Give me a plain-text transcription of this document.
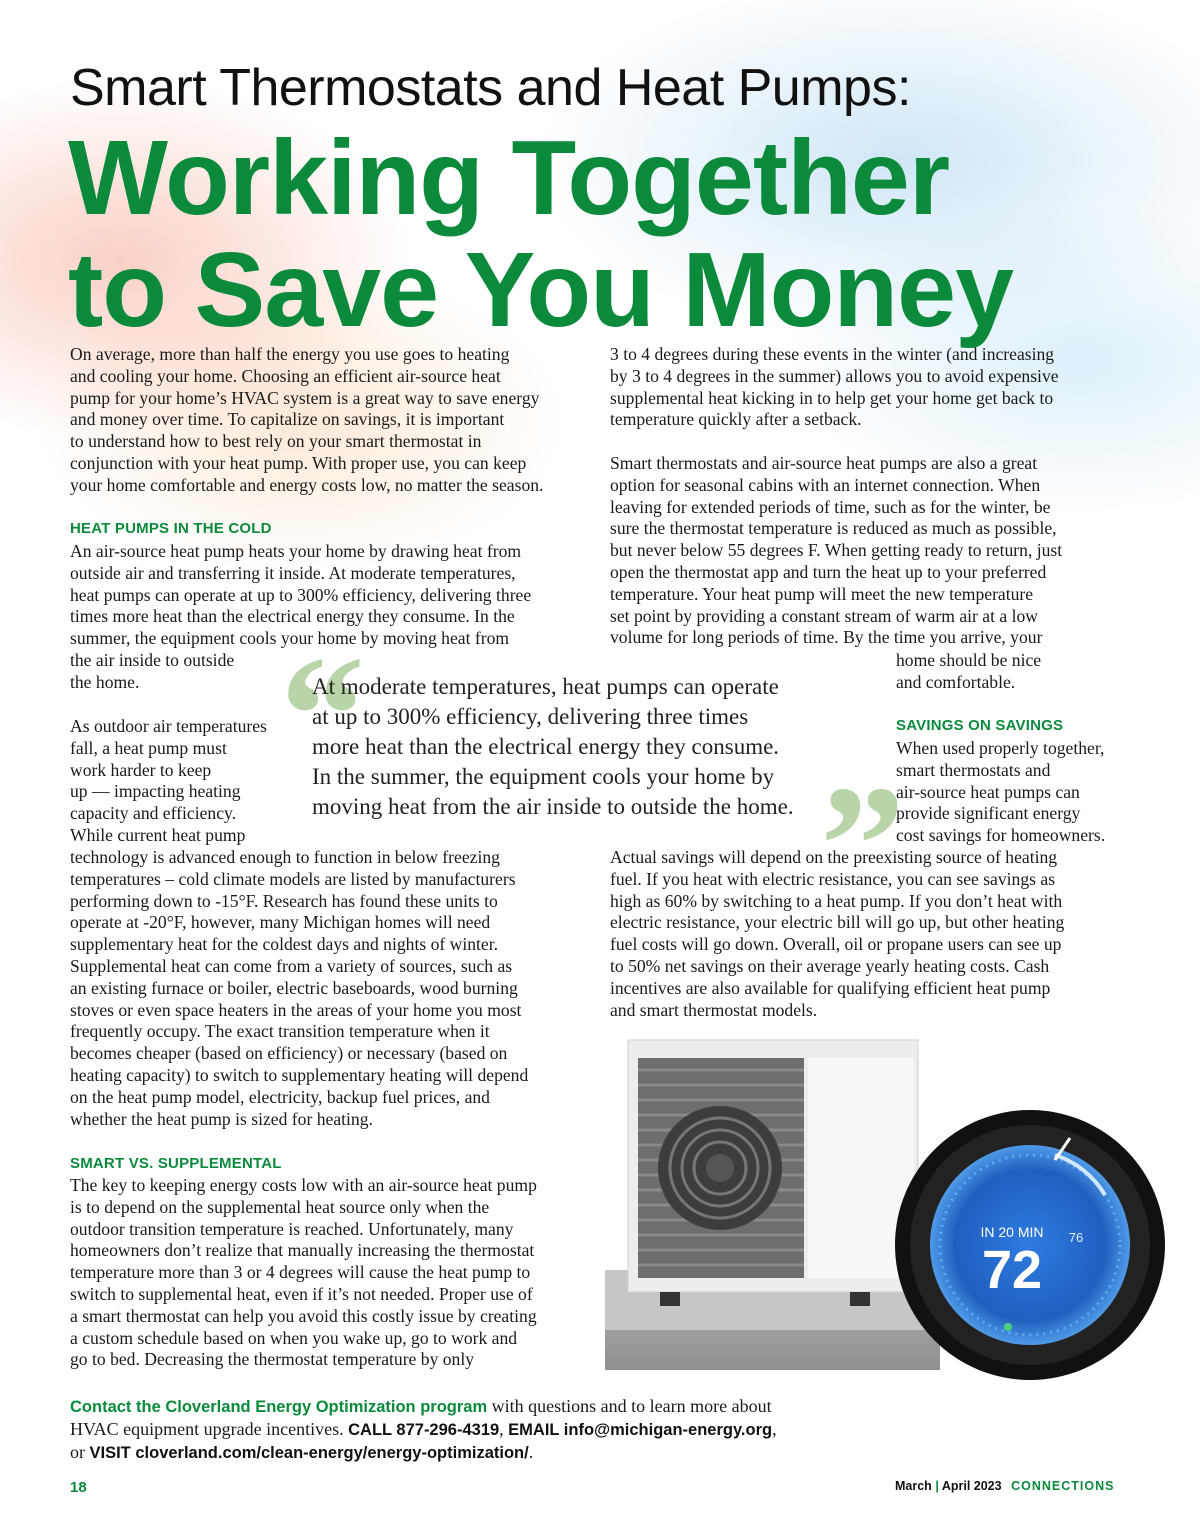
Smart Thermostats and Heat Pumps:
Working Together
to Save You Money

On average, more than half the energy you use goes to heating

and cooling your home. Choosing an efficient air-source heat

pump for your home’s HVAC system is a great way to save energy

and money over time. To capitalize on savings, it is important

to understand how to best rely on your smart thermostat in

conjunction with your heat pump. With proper use, you can keep

your home comfortable and energy costs low, no matter the season.

HEAT PUMPS IN THE COLD

An air-source heat pump heats your home by drawing heat from

outside air and transferring it inside. At moderate temperatures,

heat pumps can operate at up to 300% efficiency, delivering three

times more heat than the electrical energy they consume. In the

summer, the equipment cools your home by moving heat from

the air inside to outside

the home.

As outdoor air temperatures

fall, a heat pump must

work harder to keep

up — impacting heating

capacity and efficiency.

While current heat pump

technology is advanced enough to function in below freezing

temperatures – cold climate models are listed by manufacturers

performing down to -15°F. Research has found these units to

operate at -20°F, however, many Michigan homes will need

supplementary heat for the coldest days and nights of winter.

Supplemental heat can come from a variety of sources, such as

an existing furnace or boiler, electric baseboards, wood burning

stoves or even space heaters in the areas of your home you most

frequently occupy. The exact transition temperature when it

becomes cheaper (based on efficiency) or necessary (based on

heating capacity) to switch to supplementary heating will depend

on the heat pump model, electricity, backup fuel prices, and

whether the heat pump is sized for heating.

SMART VS. SUPPLEMENTAL

The key to keeping energy costs low with an air-source heat pump

is to depend on the supplemental heat source only when the

outdoor transition temperature is reached. Unfortunately, many

homeowners don’t realize that manually increasing the thermostat

temperature more than 3 or 4 degrees will cause the heat pump to

switch to supplemental heat, even if it’s not needed. Proper use of

a smart thermostat can help you avoid this costly issue by creating

a custom schedule based on when you wake up, go to work and

go to bed. Decreasing the thermostat temperature by only

3 to 4 degrees during these events in the winter (and increasing

by 3 to 4 degrees in the summer) allows you to avoid expensive

supplemental heat kicking in to help get your home get back to

temperature quickly after a setback.

Smart thermostats and air-source heat pumps are also a great

option for seasonal cabins with an internet connection. When

leaving for extended periods of time, such as for the winter, be

sure the thermostat temperature is reduced as much as possible,

but never below 55 degrees F. When getting ready to return, just

open the thermostat app and turn the heat up to your preferred

temperature. Your heat pump will meet the new temperature

set point by providing a constant stream of warm air at a low

volume for long periods of time. By the time you arrive, your

home should be nice

and comfortable.

SAVINGS ON SAVINGS

When used properly together,

smart thermostats and

air-source heat pumps can

provide significant energy

cost savings for homeowners.

Actual savings will depend on the preexisting source of heating

fuel. If you heat with electric resistance, you can see savings as

high as 60% by switching to a heat pump. If you don’t heat with

electric resistance, your electric bill will go up, but other heating

fuel costs will go down. Overall, oil or propane users can see up

to 50% net savings on their average yearly heating costs. Cash

incentives are also available for qualifying efficient heat pump

and smart thermostat models.

“
”
At moderate temperatures, heat pumps can operate
at up to 300% efficiency, delivering three times
more heat than the electrical energy they consume.
In the summer, the equipment cools your home by
moving heat from the air inside to outside the home.
IN 20 MIN
72
76
Contact the Cloverland Energy Optimization program with questions and to learn more about
HVAC equipment upgrade incentives. CALL 877-296-4319, EMAIL info@michigan-energy.org,
or VISIT cloverland.com/clean-energy/energy-optimization/.
18	March | April 2023 CONNECTIONS
